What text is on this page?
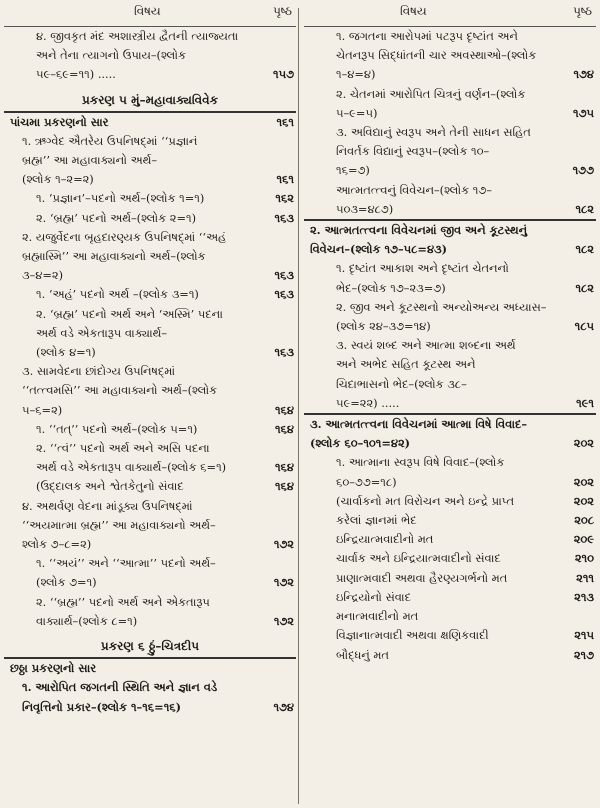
વિષય	પૃષ્ઠ
૪. જીવકૃત મંદ અશાસ્ત્રીય દ્વૈતની ત્યાજ્યતા
અને તેના ત્યાગનો ઉપાય–(શ્લોક
૫૯–૬૯=૧૧) .....	૧૫૭
પ્રકરણ ૫ મું–મહાવાક્યવિવેક
પાંચમા પ્રકરણનો સાર	૧૬૧
૧. ઋગ્વેદ ઐતરેય ઉપનિષદ્‌માં ‘‘પ્રજ્ઞાનં
બ્રહ્મ’’ આ મહાવાક્યનો અર્થ–
(શ્લોક ૧–૨=૨)	૧૬૧
૧. ‘પ્રજ્ઞાન’–પદનો અર્થ–(શ્લોક ૧=૧)	૧૬૨
૨. ‘બ્રહ્મ’ પદનો અર્થ–(શ્લોક ૨=૧)	૧૬૩
૨. યજુર્વેદના બૃહદારણ્યક ઉપનિષદ્‌માં ‘‘અહં
બ્રહ્માસ્મિ’’ આ મહાવાક્યનો અર્થ–(શ્લોક
૩–૪=૨)	૧૬૩
૧. ‘અહં’ પદનો અર્થ –(શ્લોક ૩=૧)	૧૬૩
૨. ‘બ્રહ્મ’ પદનો અર્થ અને ‘અસ્મિ’ પદના
અર્થ વડે એકતારૂપ વાક્યાર્થ–
(શ્લોક ૪=૧)	૧૬૩
૩. સામવેદના છાંદોગ્ય ઉપનિષદ્‌માં
‘‘તત્ત્વમસિ’’ આ મહાવાક્યનો અર્થ–(શ્લોક
૫–૬=૨)	૧૬૪
૧. ‘‘તત્’’ પદનો અર્થ–(શ્લોક ૫=૧)	૧૬૪
૨. ‘‘ત્વં’’ પદનો અર્થ અને અસિ પદના
અર્થ વડે એકતારૂપ વાક્યાર્થ–(શ્લોક ૬=૧)	૧૬૪
(ઉદ્દાલક અને શ્વેતકેતુનો સંવાદ	૧૬૪
૪. અથર્વણ વેદના માંડૂક્ય ઉપનિષદ્‌માં
‘‘અયમાત્મા બ્રહ્મ’’ આ મહાવાક્યનો અર્થ–
શ્લોક ૭–૮=૨)	૧૭૨
૧. ‘‘અયં’’ અને ‘‘આત્મા’’ પદનો અર્થ–
(શ્લોક ૭=૧)	૧૭૨
૨. ‘‘બ્રહ્મ’’ પદનો અર્થ અને એકતારૂપ
વાક્યાર્થ–(શ્લોક ૮=૧)	૧૭૨
પ્રકરણ ૬ ઠ્ઠું–ચિત્રદીપ
છઠ્ઠા પ્રકરણનો સાર
૧. આરોપિત જગતની સ્થિતિ અને જ્ઞાન વડે
નિવૃત્તિનો પ્રકાર–(શ્લોક ૧–૧૬=૧૬)	૧૭૪
વિષય	પૃષ્ઠ
૧. જગતના આરોપમાં પટરૂપ દૃષ્ટાંત અને
ચેતનરૂપ સિદ્ધાંતની ચાર અવસ્થાઓ–(શ્લોક
૧–૪=૪)	૧૭૪
૨. ચેતનમાં આરોપિત ચિત્રનું વર્ણન–(શ્લોક
૫–૯=૫)	૧૭૫
૩. અવિદ્યાનું સ્વરૂપ અને તેની સાધન સહિત
નિવર્તક વિદ્યાનું સ્વરૂપ–(શ્લોક ૧૦–
૧૬=૭)	૧૭૭
આત્મતત્ત્વનું વિવેચન–(શ્લોક ૧૭–
૫૦૩=૪૮૭)	૧૮૨
૨. આત્મતત્ત્વના વિવેચનમાં જીવ અને કૂટસ્થનું
વિવેચન–(શ્લોક ૧૭–૫૮=૪૩)	૧૮૨
૧. દૃષ્ટાંત આકાશ અને દૃષ્ટાંત ચેતનનો
ભેદ–(શ્લોક ૧૭–૨૩=૭)	૧૮૨
૨. જીવ અને કૂટસ્થનો અન્યોઅન્ય અધ્યાસ–
(શ્લોક ૨૪–૩૭=૧૪)	૧૮૫
૩. સ્વયં શબ્દ અને આત્મા શબ્દના અર્થ
અને અભેદ સહિત કૂટસ્થ અને
ચિદાભાસનો ભેદ–(શ્લોક ૩૮–
૫૯=૨૨) .....	૧૯૧
૩. આત્મતત્ત્વના વિવેચનમાં આત્મા વિષે વિવાદ–
(શ્લોક ૬૦–૧૦૧=૪૨)	૨૦૨
૧. આત્માના સ્વરૂપ વિષે વિવાદ–(શ્લોક
૬૦–૭૭=૧૮)	૨૦૨
(ચાર્વાકનો મત વિરોચન અને ઇન્દ્રે પ્રાપ્ત	૨૦૨
કરેલાં જ્ઞાનમાં ભેદ	૨૦૮
ઇન્દ્રિયાત્મવાદીનો મત	૨૦૯
ચાર્વાક અને ઇન્દ્રિયાત્મવાદીનો સંવાદ	૨૧૦
પ્રાણાત્મવાદી અથવા હૈરણ્યગર્ભનો મત	૨૧૧
ઇન્દ્રિયોનો સંવાદ	૨૧૩
મનાત્મવાદીનો મત
વિજ્ઞાનાત્મવાદી અથવા ક્ષણિકવાદી	૨૧૫
બૌદ્ધનું મત	૨૧૭
